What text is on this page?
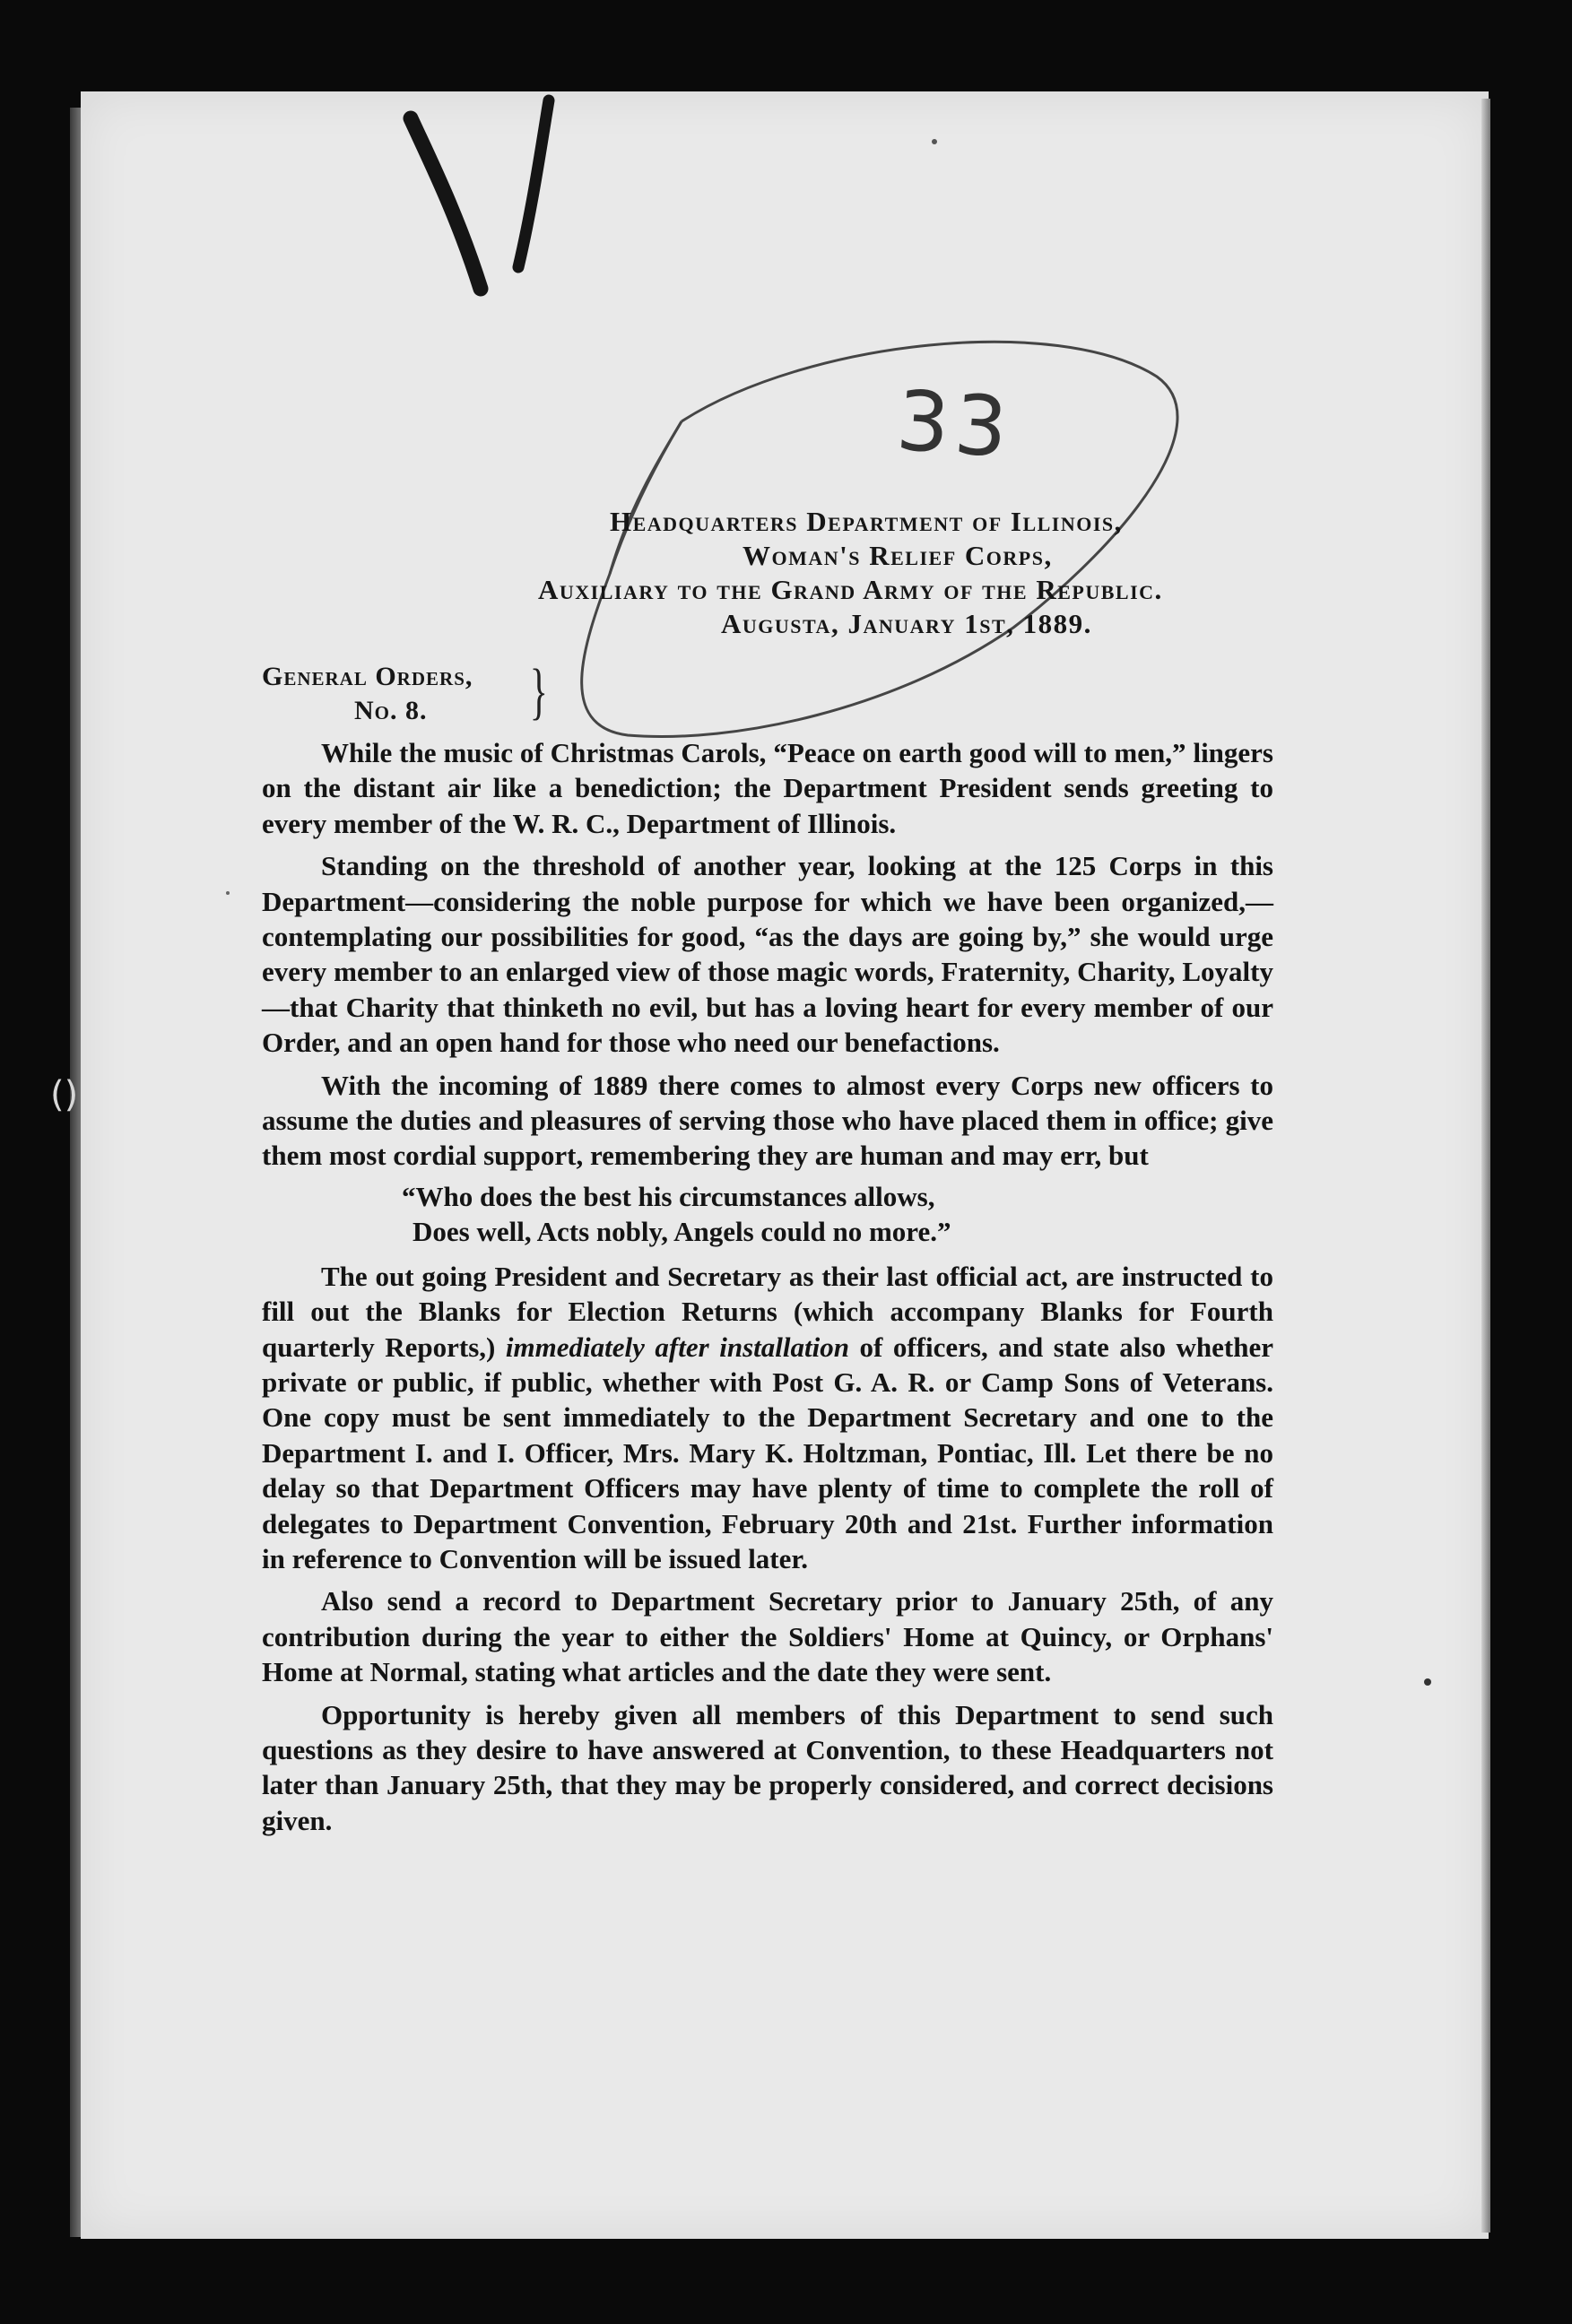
33
()
Headquarters Department of Illinois,
Woman's Relief Corps,
Auxiliary to the Grand Army of the Republic.
Augusta, January 1st, 1889.
General Orders,
No. 8.	}

While the music of Christmas Carols, “Peace on earth good will to men,” lingers on the distant air like a benediction; the Department President sends greeting to every member of the W. R. C., Department of Illinois.

Standing on the threshold of another year, looking at the 125 Corps in this Department—considering the noble purpose for which we have been organized,—contemplating our possibilities for good, “as the days are going by,” she would urge every member to an enlarged view of those magic words, Fraternity, Charity, Loyalty—that Charity that thinketh no evil, but has a loving heart for every member of our Order, and an open hand for those who need our benefactions.

With the incoming of 1889 there comes to almost every Corps new officers to assume the duties and pleasures of serving those who have placed them in office; give them most cordial support, remembering they are human and may err, but

“Who does the best his circumstances allows,
Does well, Acts nobly, Angels could no more.”

The out going President and Secretary as their last official act, are instructed to fill out the Blanks for Election Returns (which accompany Blanks for Fourth quarterly Reports,) immediately after installation of officers, and state also whether private or public, if public, whether with Post G. A. R. or Camp Sons of Veterans. One copy must be sent immediately to the Department Secretary and one to the Department I. and I. Officer, Mrs. Mary K. Holtzman, Pontiac, Ill. Let there be no delay so that Department Officers may have plenty of time to complete the roll of delegates to Department Convention, February 20th and 21st. Further information in reference to Convention will be issued later.

Also send a record to Department Secretary prior to January 25th, of any contribution during the year to either the Soldiers' Home at Quincy, or Orphans' Home at Normal, stating what articles and the date they were sent.

Opportunity is hereby given all members of this Department to send such questions as they desire to have answered at Convention, to these Headquarters not later than January 25th, that they may be properly considered, and correct decisions given.
